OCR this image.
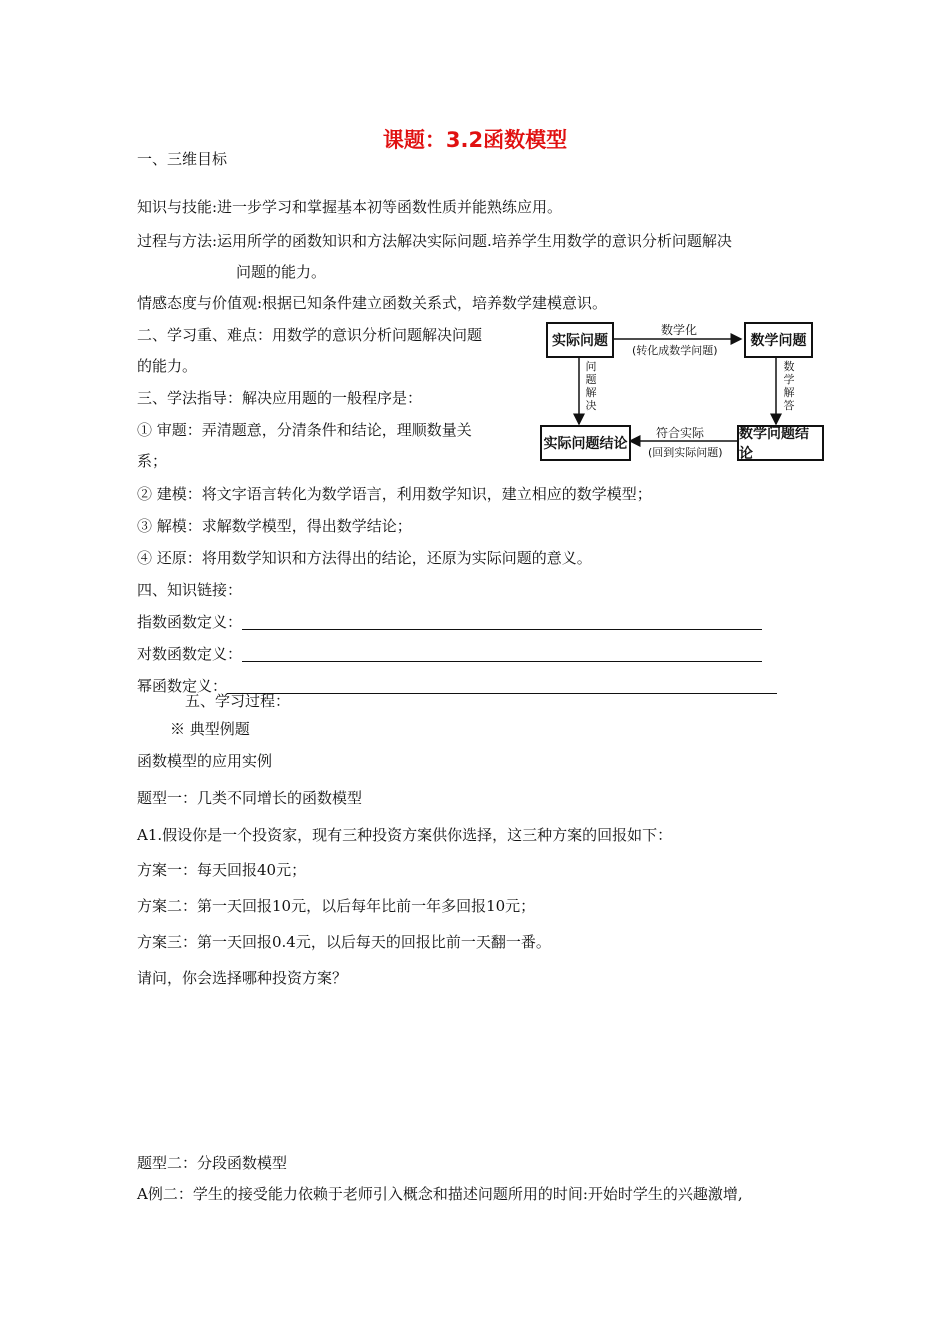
课题：3.2函数模型
一、三维目标
知识与技能:进一步学习和掌握基本初等函数性质并能熟练应用。
过程与方法:运用所学的函数知识和方法解决实际问题.培养学生用数学的意识分析问题解决
问题的能力。
情感态度与价值观:根据已知条件建立函数关系式，培养数学建模意识。
二、学习重、难点：用数学的意识分析问题解决问题
的能力。
三、学法指导：解决应用题的一般程序是：
① 审题：弄清题意，分清条件和结论，理顺数量关
系；
② 建模：将文字语言转化为数学语言，利用数学知识，建立相应的数学模型；
③ 解模：求解数学模型，得出数学结论；
④ 还原：将用数学知识和方法得出的结论，还原为实际问题的意义。
实际问题	数学问题
实际问题结论
数学问题结论
数学化
(转化成数学问题)
符合实际
(回到实际问题)
问题解决
数学解答
四、知识链接：
指数函数定义：
对数函数定义：
幂函数定义：
五、学习过程：
※ 典型例题
函数模型的应用实例
题型一：几类不同增长的函数模型
A1.假设你是一个投资家，现有三种投资方案供你选择，这三种方案的回报如下：
方案一：每天回报40元；
方案二：第一天回报10元，以后每年比前一年多回报10元；
方案三：第一天回报0.4元，以后每天的回报比前一天翻一番。
请问，你会选择哪种投资方案？
题型二：分段函数模型
A例二：学生的接受能力依赖于老师引入概念和描述问题所用的时间:开始时学生的兴趣激增,
